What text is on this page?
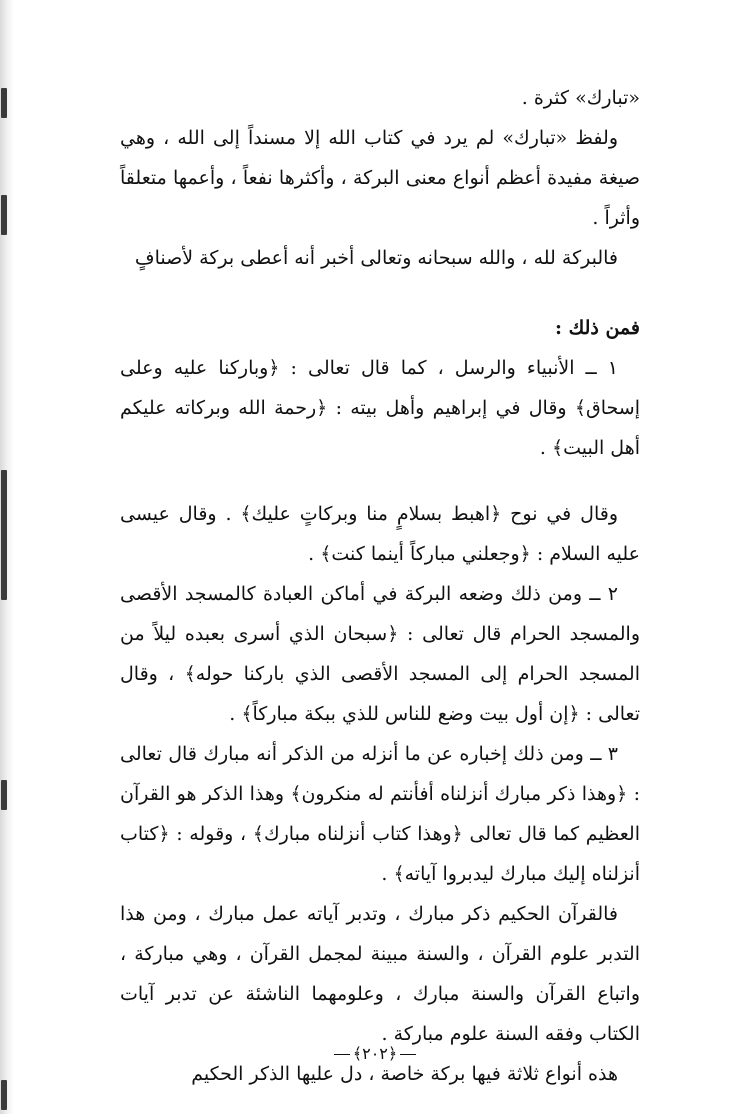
«تبارك» كثرة .

ولفظ «تبارك» لم يرد في كتاب الله إلا مسنداً إلى الله ، وهي صيغة مفيدة أعظم أنواع معنى البركة ، وأكثرها نفعاً ، وأعمها متعلقاً وأثراً .

فالبركة لله ، والله سبحانه وتعالى أخبر أنه أعطى بركة لأصنافٍ

فمن ذلك :

١ ــ الأنبياء والرسل ، كما قال تعالى : ﴿وباركنا عليه وعلى إسحاق﴾ وقال في إبراهيم وأهل بيته : ﴿رحمة الله وبركاته عليكم أهل البيت﴾ .

وقال في نوح ﴿اهبط بسلامٍ منا وبركاتٍ عليك﴾ . وقال عيسى عليه السلام : ﴿وجعلني مباركاً أينما كنت﴾ .

٢ ــ ومن ذلك وضعه البركة في أماكن العبادة كالمسجد الأقصى والمسجد الحرام قال تعالى : ﴿سبحان الذي أسرى بعبده ليلاً من المسجد الحرام إلى المسجد الأقصى الذي باركنا حوله﴾ ، وقال تعالى : ﴿إن أول بيت وضع للناس للذي ببكة مباركاً﴾ .

٣ ــ ومن ذلك إخباره عن ما أنزله من الذكر أنه مبارك قال تعالى : ﴿وهذا ذكر مبارك أنزلناه أفأنتم له منكرون﴾ وهذا الذكر هو القرآن العظيم كما قال تعالى ﴿وهذا كتاب أنزلناه مبارك﴾ ، وقوله : ﴿كتاب أنزلناه إليك مبارك ليدبروا آياته﴾ .

فالقرآن الحكيم ذكر مبارك ، وتدبر آياته عمل مبارك ، ومن هذا التدبر علوم القرآن ، والسنة مبينة لمجمل القرآن ، وهي مباركة ، واتباع القرآن والسنة مبارك ، وعلومهما الناشئة عن تدبر آيات الكتاب وفقه السنة علوم مباركة .

هذه أنواع ثلاثة فيها بركة خاصة ، دل عليها الذكر الحكيم

﴿٢٠٢﴾
